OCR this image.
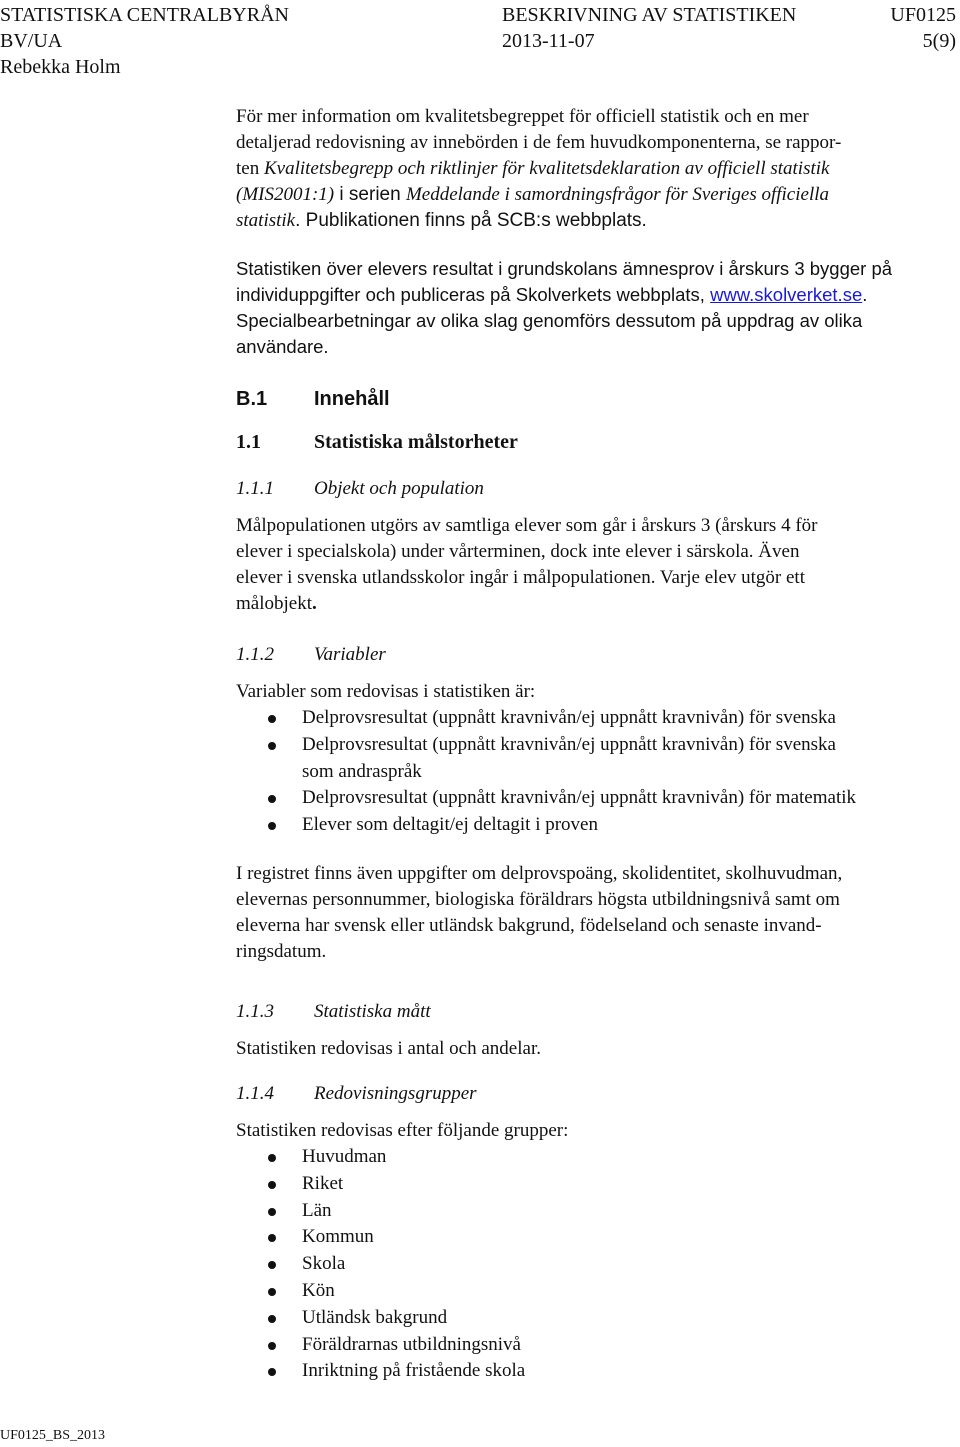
STATISTISKA CENTRALBYRÅN	BESKRIVNING AV STATISTIKEN	UF0125
BV/UA	2013-11-07	5(9)
Rebekka Holm
För mer information om kvalitetsbegreppet för officiell statistik och en mer
detaljerad redovisning av innebörden i de fem huvudkomponenterna, se rappor-
ten Kvalitetsbegrepp och riktlinjer för kvalitetsdeklaration av officiell statistik
(MIS2001:1) i serien Meddelande i samordningsfrågor för Sveriges officiella
statistik. Publikationen finns på SCB:s webbplats.
Statistiken över elevers resultat i grundskolans ämnesprov i årskurs 3 bygger på
individuppgifter och publiceras på Skolverkets webbplats, www.skolverket.se.
Specialbearbetningar av olika slag genomförs dessutom på uppdrag av olika
användare.
B.1 Innehåll
1.1	Statistiska målstorheter
1.1.1 Objekt och population
Målpopulationen utgörs av samtliga elever som går i årskurs 3 (årskurs 4 för
elever i specialskola) under vårterminen, dock inte elever i särskola. Även
elever i svenska utlandsskolor ingår i målpopulationen. Varje elev utgör ett
målobjekt.
1.1.2 Variabler
Variabler som redovisas i statistiken är:
Delprovsresultat (uppnått kravnivån/ej uppnått kravnivån) för svenska
Delprovsresultat (uppnått kravnivån/ej uppnått kravnivån) för svenska
som andraspråk
Delprovsresultat (uppnått kravnivån/ej uppnått kravnivån) för matematik
Elever som deltagit/ej deltagit i proven
I registret finns även uppgifter om delprovspoäng, skolidentitet, skolhuvudman,
elevernas personnummer, biologiska föräldrars högsta utbildningsnivå samt om
eleverna har svensk eller utländsk bakgrund, födelseland och senaste invand-
ringsdatum.
1.1.3 Statistiska mått
Statistiken redovisas i antal och andelar.
1.1.4 Redovisningsgrupper
Statistiken redovisas efter följande grupper:
Huvudman
Riket
Län
Kommun
Skola
Kön
Utländsk bakgrund
Föräldrarnas utbildningsnivå
Inriktning på fristående skola
UF0125_BS_2013
